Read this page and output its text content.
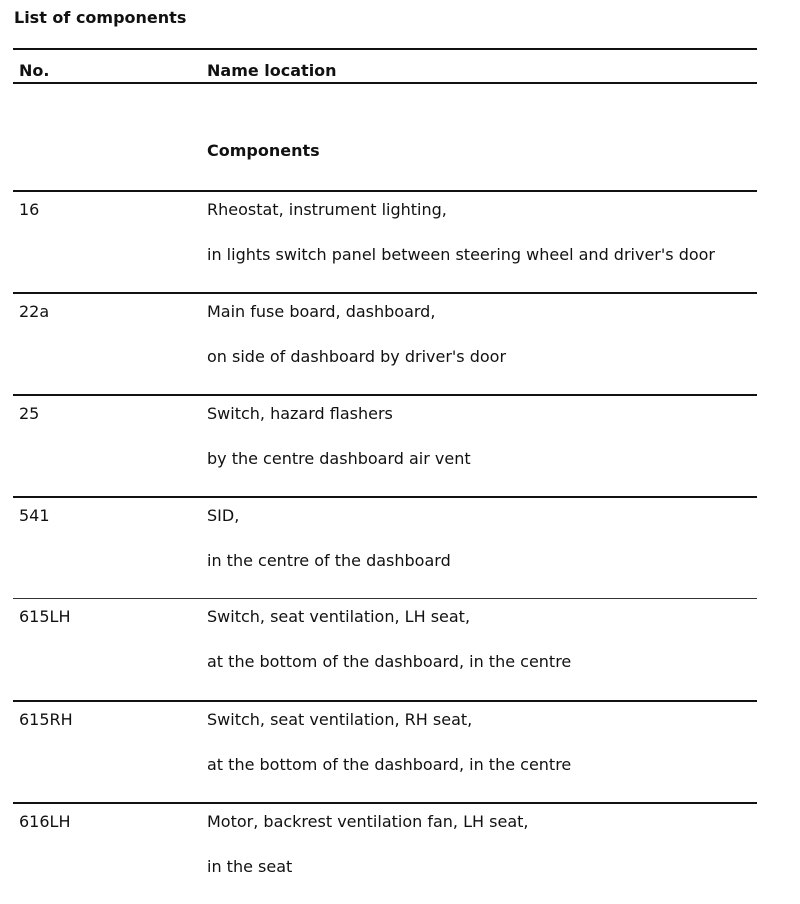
List of components
No.	Name location
Components
16	Rheostat, instrument lighting,
in lights switch panel between steering wheel and driver's door
22a	Main fuse board, dashboard,
on side of dashboard by driver's door
25	Switch, hazard flashers
by the centre dashboard air vent
541	SID,
in the centre of the dashboard
615LH	Switch, seat ventilation, LH seat,
at the bottom of the dashboard, in the centre
615RH	Switch, seat ventilation, RH seat,
at the bottom of the dashboard, in the centre
616LH	Motor, backrest ventilation fan, LH seat,
in the seat
